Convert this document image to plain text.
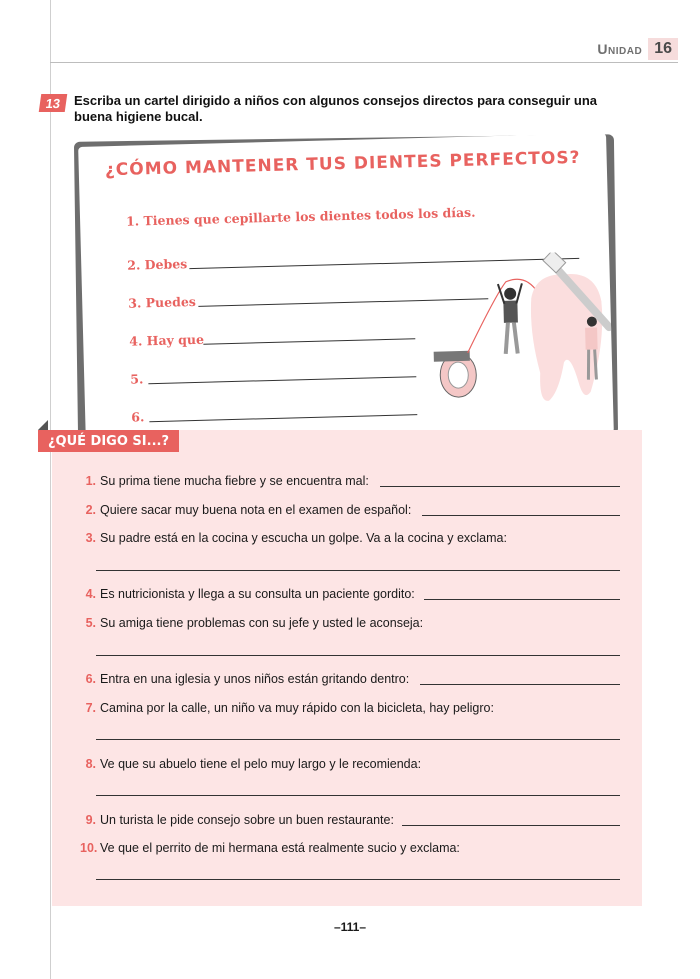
Unidad 16
13 Escriba un cartel dirigido a niños con algunos consejos directos para conseguir una buena higiene bucal.
¿CÓMO MANTENER TUS DIENTES PERFECTOS?
1. Tienes que cepillarte los dientes todos los días.
2. Debes
3. Puedes
4. Hay que
5.
6.
¿QUÉ DIGO SI...?
1. Su prima tiene mucha fiebre y se encuentra mal:
2. Quiere sacar muy buena nota en el examen de español:
3. Su padre está en la cocina y escucha un golpe. Va a la cocina y exclama:
4. Es nutricionista y llega a su consulta un paciente gordito:
5. Su amiga tiene problemas con su jefe y usted le aconseja:
6. Entra en una iglesia y unos niños están gritando dentro:
7. Camina por la calle, un niño va muy rápido con la bicicleta, hay peligro:
8. Ve que su abuelo tiene el pelo muy largo y le recomienda:
9. Un turista le pide consejo sobre un buen restaurante:
10. Ve que el perrito de mi hermana está realmente sucio y exclama:
–111–
